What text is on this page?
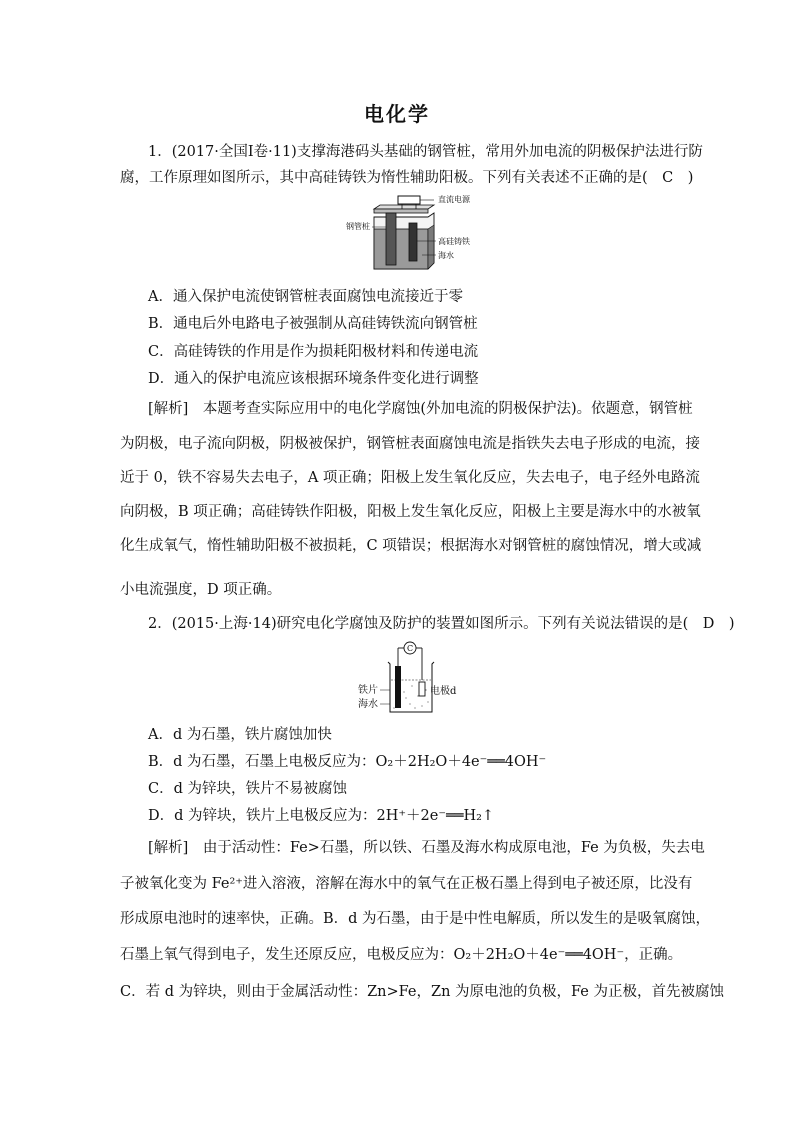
电化学
1．(2017·全国Ⅰ卷·11)支撑海港码头基础的钢管桩，常用外加电流的阴极保护法进行防
腐，工作原理如图所示，其中高硅铸铁为惰性辅助阳极。下列有关表述不正确的是(　C　)
直流电源
钢管桩
高硅铸铁
海水
A．通入保护电流使钢管桩表面腐蚀电流接近于零
B．通电后外电路电子被强制从高硅铸铁流向钢管桩
C．高硅铸铁的作用是作为损耗阳极材料和传递电流
D．通入的保护电流应该根据环境条件变化进行调整
[解析]　本题考查实际应用中的电化学腐蚀(外加电流的阴极保护法)。依题意，钢管桩
为阴极，电子流向阴极，阴极被保护，钢管桩表面腐蚀电流是指铁失去电子形成的电流，接
近于 0，铁不容易失去电子，A 项正确；阳极上发生氧化反应，失去电子，电子经外电路流
向阴极，B 项正确；高硅铸铁作阳极，阳极上发生氧化反应，阳极上主要是海水中的水被氧
化生成氧气，惰性辅助阳极不被损耗，C 项错误；根据海水对钢管桩的腐蚀情况，增大或减
小电流强度，D 项正确。
2．(2015·上海·14)研究电化学腐蚀及防护的装置如图所示。下列有关说法错误的是(　D　)
C
铁片
海水
电极d
A．d 为石墨，铁片腐蚀加快
B．d 为石墨，石墨上电极反应为：O₂＋2H₂O＋4e⁻══4OH⁻
C．d 为锌块，铁片不易被腐蚀
D．d 为锌块，铁片上电极反应为：2H⁺＋2e⁻══H₂↑
[解析]　由于活动性：Fe>石墨，所以铁、石墨及海水构成原电池，Fe 为负极，失去电
子被氧化变为 Fe²⁺进入溶液，溶解在海水中的氧气在正极石墨上得到电子被还原，比没有
形成原电池时的速率快，正确。B．d 为石墨，由于是中性电解质，所以发生的是吸氧腐蚀，
石墨上氧气得到电子，发生还原反应，电极反应为：O₂＋2H₂O＋4e⁻══4OH⁻，正确。
C．若 d 为锌块，则由于金属活动性：Zn>Fe，Zn 为原电池的负极，Fe 为正极，首先被腐蚀
